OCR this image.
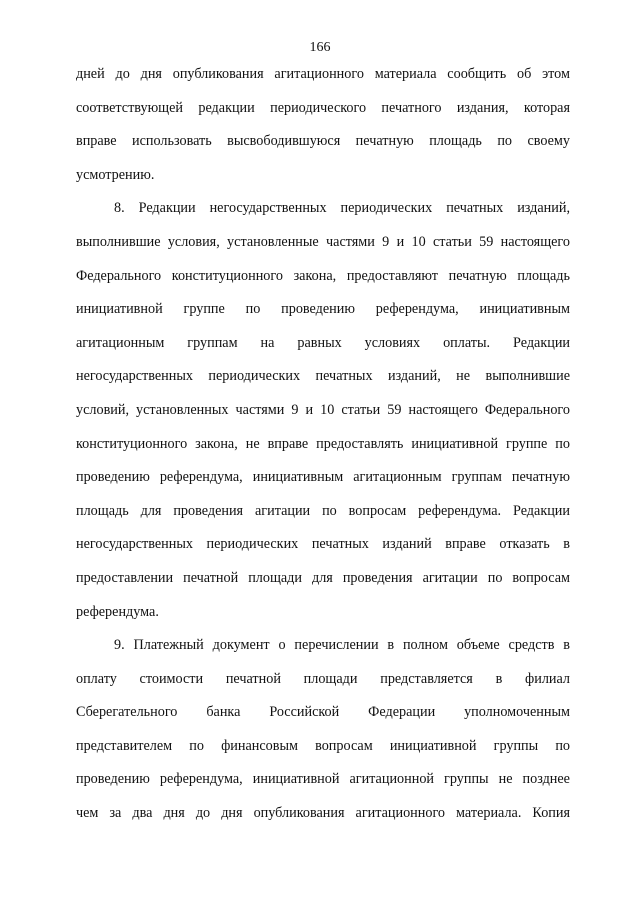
166
дней до дня опубликования агитационного материала сообщить об этом
соответствующей редакции периодического печатного издания, которая
вправе использовать высвободившуюся печатную площадь по своему
усмотрению.
8. Редакции негосударственных периодических печатных изданий,
выполнившие условия, установленные частями 9 и 10 статьи 59 настоящего
Федерального конституционного закона, предоставляют печатную площадь
инициативной группе по проведению референдума, инициативным
агитационным группам на равных условиях оплаты. Редакции
негосударственных периодических печатных изданий, не выполнившие
условий, установленных частями 9 и 10 статьи 59 настоящего Федерального
конституционного закона, не вправе предоставлять инициативной группе по
проведению референдума, инициативным агитационным группам печатную
площадь для проведения агитации по вопросам референдума. Редакции
негосударственных периодических печатных изданий вправе отказать в
предоставлении печатной площади для проведения агитации по вопросам
референдума.
9. Платежный документ о перечислении в полном объеме средств в
оплату стоимости печатной площади представляется в филиал
Сберегательного банка Российской Федерации уполномоченным
представителем по финансовым вопросам инициативной группы по
проведению референдума, инициативной агитационной группы не позднее
чем за два дня до дня опубликования агитационного материала. Копия
